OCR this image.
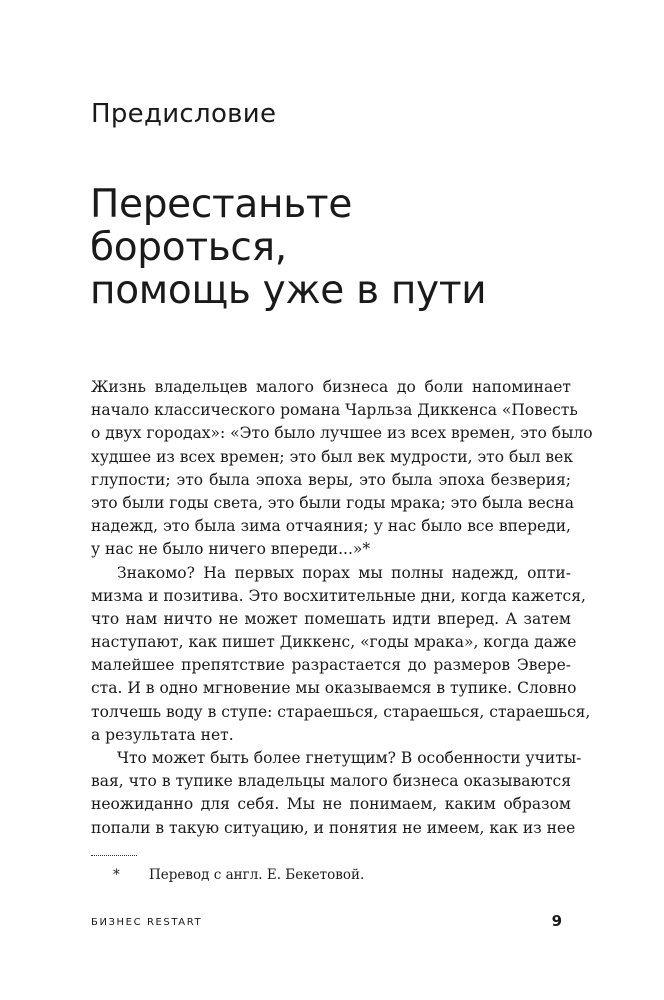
Предисловие
Перестаньте
бороться,
помощь уже в пути
Жизнь владельцев малого бизнеса до боли напоминает
начало классического романа Чарльза Диккенса «Повесть
о двух городах»: «Это было лучшее из всех времен, это было
худшее из всех времен; это был век мудрости, это был век
глупости; это была эпоха веры, это была эпоха безверия;
это были годы света, это были годы мрака; это была весна
надежд, это была зима отчаяния; у нас было все впереди,
у нас не было ничего впереди...»*
Знакомо? На первых порах мы полны надежд, опти-
мизма и позитива. Это восхитительные дни, когда кажется,
что нам ничто не может помешать идти вперед. А затем
наступают, как пишет Диккенс, «годы мрака», когда даже
малейшее препятствие разрастается до размеров Эвере-
ста. И в одно мгновение мы оказываемся в тупике. Словно
толчешь воду в ступе: стараешься, стараешься, стараешься,
а результата нет.
Что может быть более гнетущим? В особенности учиты-
вая, что в тупике владельцы малого бизнеса оказываются
неожиданно для себя. Мы не понимаем, каким образом
попали в такую ситуацию, и понятия не имеем, как из нее
* Перевод с англ. Е. Бекетовой.
БИЗНЕС RESTART	9
